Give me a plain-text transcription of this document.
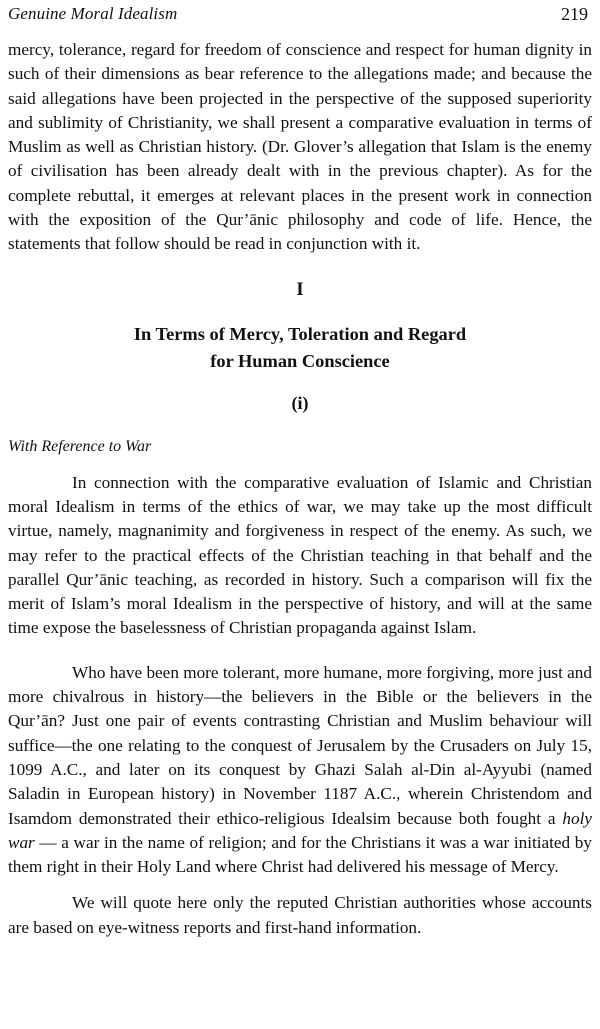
Genuine Moral Idealism	219

mercy, tolerance, regard for freedom of conscience and respect for human dignity in such of their dimensions as bear reference to the allegations made; and because the said allegations have been projected in the perspective of the supposed superiority and sublimity of Christianity, we shall present a comparative evaluation in terms of Muslim as well as Christian history. (Dr. Glover’s allegation that Islam is the enemy of civilisation has been already dealt with in the previous chapter). As for the complete rebuttal, it emerges at relevant places in the present work in connection with the exposition of the Qur’ānic philosophy and code of life. Hence, the statements that follow should be read in conjunction with it.

I
In Terms of Mercy, Toleration and Regard
for Human Conscience
(i)
With Reference to War

In connection with the comparative evaluation of Islamic and Christian moral Idealism in terms of the ethics of war, we may take up the most difficult virtue, namely, magnanimity and forgiveness in respect of the enemy. As such, we may refer to the practical effects of the Christian teaching in that behalf and the parallel Qur’ānic teaching, as recorded in history. Such a comparison will fix the merit of Islam’s moral Idealism in the perspective of history, and will at the same time expose the baselessness of Christian propaganda against Islam.

Who have been more tolerant, more humane, more forgiving, more just and more chivalrous in history—the believers in the Bible or the believers in the Qur’ān? Just one pair of events contrasting Christian and Muslim behaviour will suffice—the one relating to the conquest of Jerusalem by the Crusaders on July 15, 1099 A.C., and later on its conquest by Ghazi Salah al-Din al-Ayyubi (named Saladin in European history) in November 1187 A.C., wherein Christendom and Isamdom demonstrated their ethico-religious Idealsim because both fought a holy war — a war in the name of religion; and for the Christians it was a war initiated by them right in their Holy Land where Christ had delivered his message of Mercy.

We will quote here only the reputed Christian authorities whose accounts are based on eye-witness reports and first-hand information.
